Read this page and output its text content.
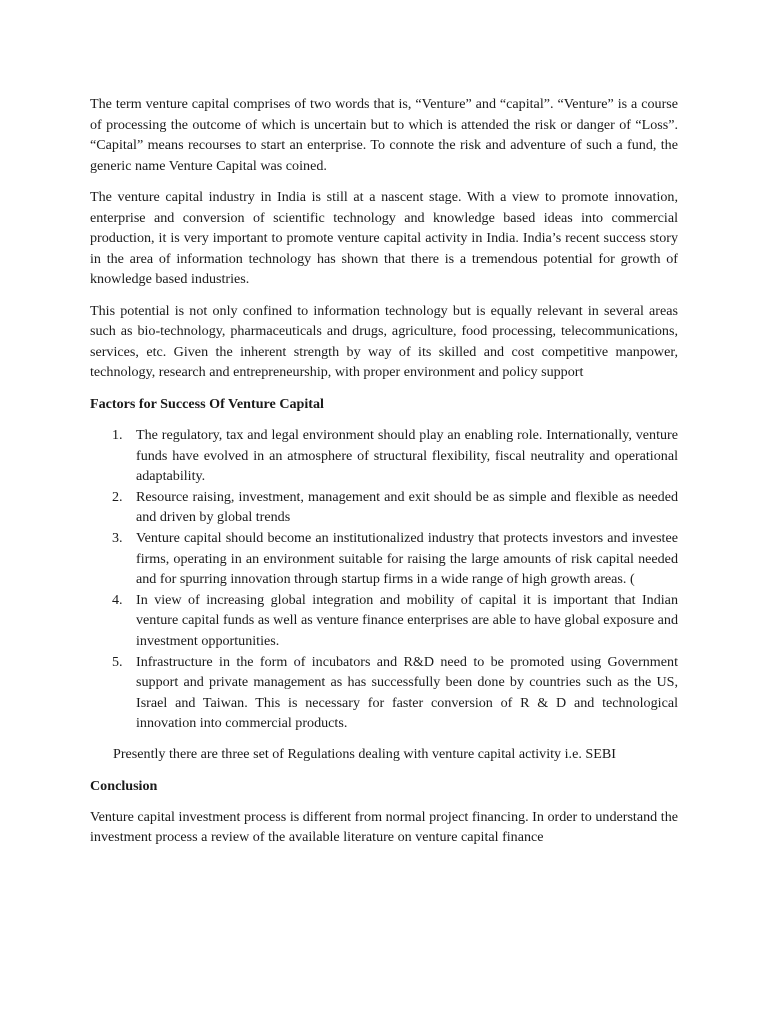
The term venture capital comprises of two words that is, “Venture” and “capital”. “Venture” is a course of processing the outcome of which is uncertain but to which is attended the risk or danger of “Loss”. “Capital” means recourses to start an enterprise. To connote the risk and adventure of such a fund, the generic name Venture Capital was coined.

The venture capital industry in India is still at a nascent stage. With a view to promote innovation, enterprise and conversion of scientific technology and knowledge based ideas into commercial production, it is very important to promote venture capital activity in India. India’s recent success story in the area of information technology has shown that there is a tremendous potential for growth of knowledge based industries.

This potential is not only confined to information technology but is equally relevant in several areas such as bio-technology, pharmaceuticals and drugs, agriculture, food processing, telecommunications, services, etc. Given the inherent strength by way of its skilled and cost competitive manpower, technology, research and entrepreneurship, with proper environment and policy support

Factors for Success Of Venture Capital

1. The regulatory, tax and legal environment should play an enabling role. Internationally, venture funds have evolved in an atmosphere of structural flexibility, fiscal neutrality and operational adaptability.
2. Resource raising, investment, management and exit should be as simple and flexible as needed and driven by global trends
3. Venture capital should become an institutionalized industry that protects investors and investee firms, operating in an environment suitable for raising the large amounts of risk capital needed and for spurring innovation through startup firms in a wide range of high growth areas. (
4. In view of increasing global integration and mobility of capital it is important that Indian venture capital funds as well as venture finance enterprises are able to have global exposure and investment opportunities.
5. Infrastructure in the form of incubators and R&D need to be promoted using Government support and private management as has successfully been done by countries such as the US, Israel and Taiwan. This is necessary for faster conversion of R & D and technological innovation into commercial products.

Presently there are three set of Regulations dealing with venture capital activity i.e. SEBI

Conclusion

Venture capital investment process is different from normal project financing. In order to understand the investment process a review of the available literature on venture capital finance
